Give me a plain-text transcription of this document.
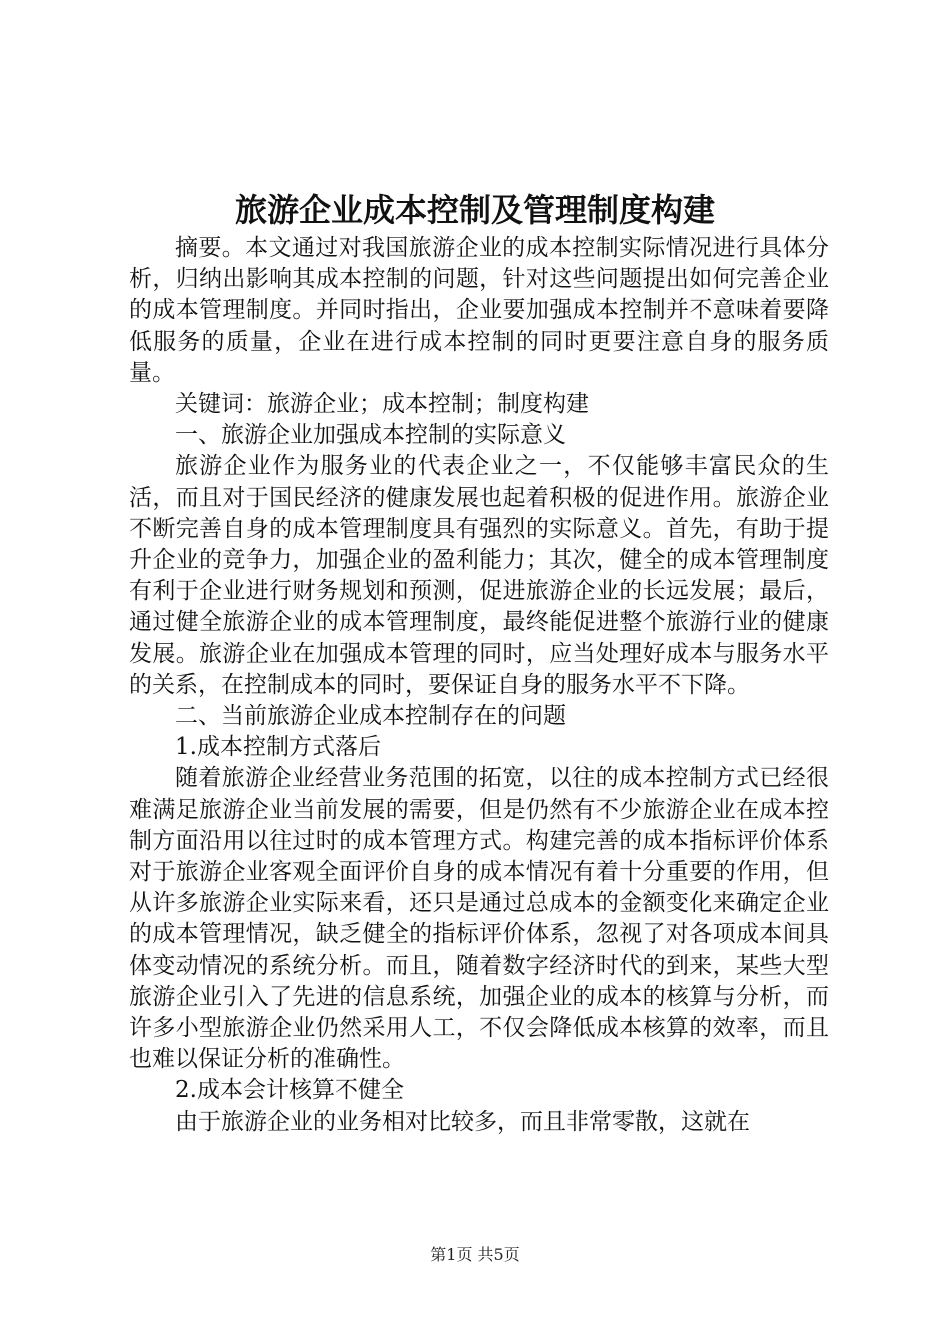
旅游企业成本控制及管理制度构建

摘要。本文通过对我国旅游企业的成本控制实际情况进行具体分析，归纳出影响其成本控制的问题，针对这些问题提出如何完善企业的成本管理制度。并同时指出，企业要加强成本控制并不意味着要降低服务的质量，企业在进行成本控制的同时更要注意自身的服务质量。

关键词：旅游企业；成本控制；制度构建

一、旅游企业加强成本控制的实际意义

旅游企业作为服务业的代表企业之一，不仅能够丰富民众的生活，而且对于国民经济的健康发展也起着积极的促进作用。旅游企业不断完善自身的成本管理制度具有强烈的实际意义。首先，有助于提升企业的竞争力，加强企业的盈利能力；其次，健全的成本管理制度有利于企业进行财务规划和预测，促进旅游企业的长远发展；最后，通过健全旅游企业的成本管理制度，最终能促进整个旅游行业的健康发展。旅游企业在加强成本管理的同时，应当处理好成本与服务水平的关系，在控制成本的同时，要保证自身的服务水平不下降。

二、当前旅游企业成本控制存在的问题

1.成本控制方式落后

随着旅游企业经营业务范围的拓宽，以往的成本控制方式已经很难满足旅游企业当前发展的需要，但是仍然有不少旅游企业在成本控制方面沿用以往过时的成本管理方式。构建完善的成本指标评价体系对于旅游企业客观全面评价自身的成本情况有着十分重要的作用，但从许多旅游企业实际来看，还只是通过总成本的金额变化来确定企业的成本管理情况，缺乏健全的指标评价体系，忽视了对各项成本间具体变动情况的系统分析。而且，随着数字经济时代的到来，某些大型旅游企业引入了先进的信息系统，加强企业的成本的核算与分析，而许多小型旅游企业仍然采用人工，不仅会降低成本核算的效率，而且也难以保证分析的准确性。

2.成本会计核算不健全

由于旅游企业的业务相对比较多，而且非常零散，这就在

第1页 共5页
